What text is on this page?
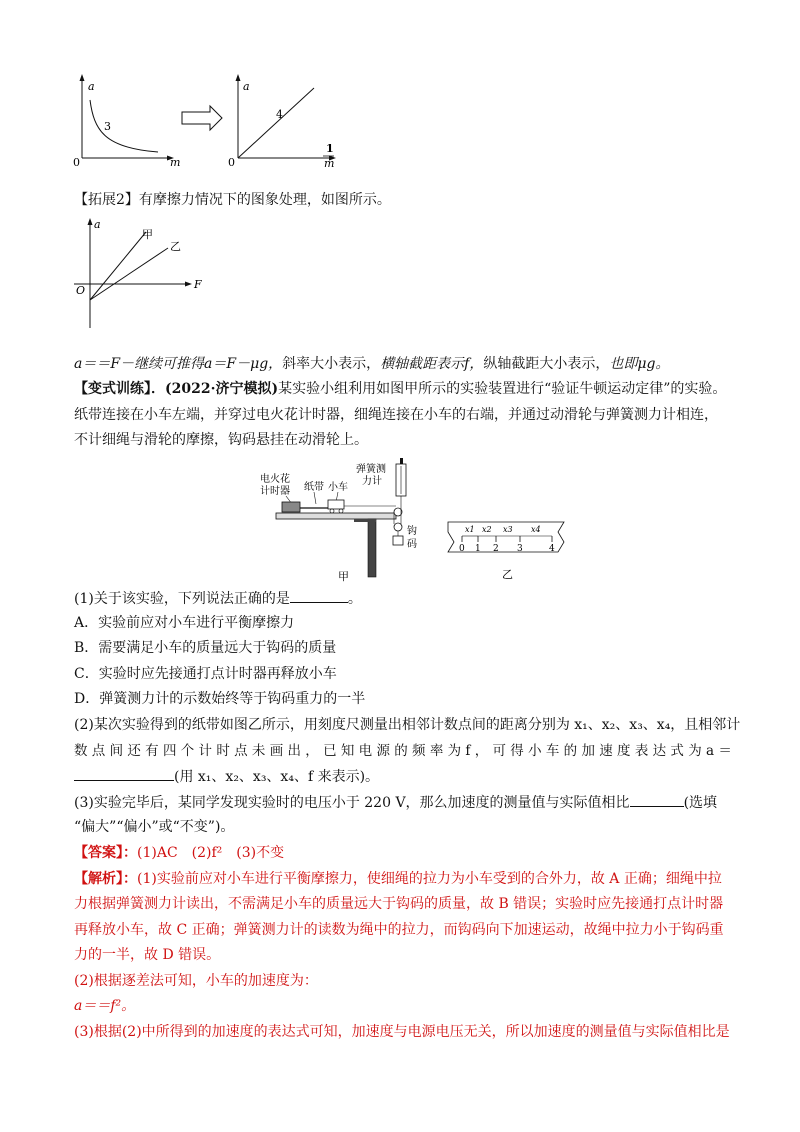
a
m
0
3
a
1
m
0
4
【拓展2】有摩擦力情况下的图象处理，如图所示。
a
F
O
甲
乙
a＝＝F－继续可推得a＝F－μg，斜率大小表示，横轴截距表示f，纵轴截距大小表示，也即μg。
【变式训练】．(2022·济宁模拟)某实验小组利用如图甲所示的实验装置进行“验证牛顿运动定律”的实验。
纸带连接在小车左端，并穿过电火花计时器，细绳连接在小车的右端，并通过动滑轮与弹簧测力计相连，
不计细绳与滑轮的摩擦，钩码悬挂在动滑轮上。
电火花
计时器 纸带 小车
弹簧测
力计
钩
码
甲
0 1 2 3	4
x1 x2 x3 x4
乙
(1)关于该实验，下列说法正确的是	。
A．实验前应对小车进行平衡摩擦力
B．需要满足小车的质量远大于钩码的质量
C．实验时应先接通打点计时器再释放小车
D．弹簧测力计的示数始终等于钩码重力的一半
(2)某次实验得到的纸带如图乙所示，用刻度尺测量出相邻计数点间的距离分别为 x₁、x₂、x₃、x₄，且相邻计
数 点 间 还 有 四 个 计 时 点 未 画 出 ， 已 知 电 源 的 频 率 为 f ， 可 得 小 车 的 加 速 度 表 达 式 为 a ＝
(用 x₁、x₂、x₃、x₄、f 来表示)。
(3)实验完毕后，某同学发现实验时的电压小于 220 V，那么加速度的测量值与实际值相比	(选填
“偏大”“偏小”或“不变”)。
【答案】：(1)AC　(2)f²　(3)不变
【解析】：(1)实验前应对小车进行平衡摩擦力，使细绳的拉力为小车受到的合外力，故 A 正确；细绳中拉
力根据弹簧测力计读出，不需满足小车的质量远大于钩码的质量，故 B 错误；实验时应先接通打点计时器
再释放小车，故 C 正确；弹簧测力计的读数为绳中的拉力，而钩码向下加速运动，故绳中拉力小于钩码重
力的一半，故 D 错误。
(2)根据逐差法可知，小车的加速度为：
a＝＝f²。
(3)根据(2)中所得到的加速度的表达式可知，加速度与电源电压无关，所以加速度的测量值与实际值相比是
